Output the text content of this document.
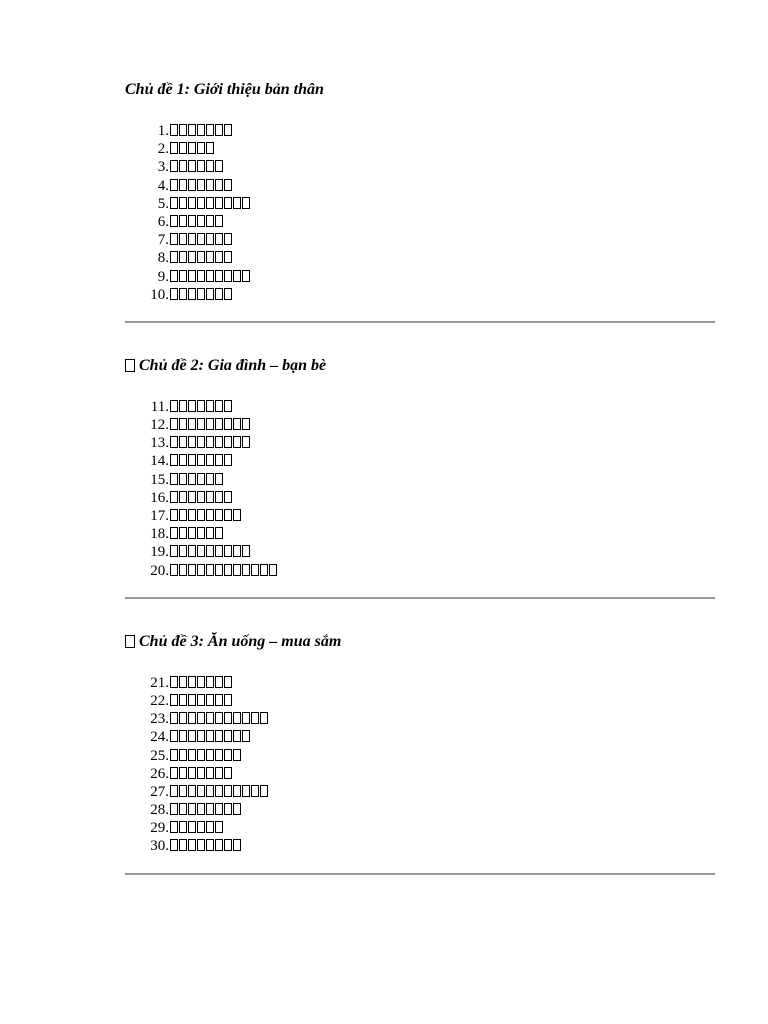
Chủ đề 1: Giới thiệu bản thân
1.
2.
3.
4.
5.
6.
7.
8.
9.
10.
Chủ đề 2: Gia đình – bạn bè
11.
12.
13.
14.
15.
16.
17.
18.
19.
20.
Chủ đề 3: Ăn uống – mua sắm
21.
22.
23.
24.
25.
26.
27.
28.
29.
30.
